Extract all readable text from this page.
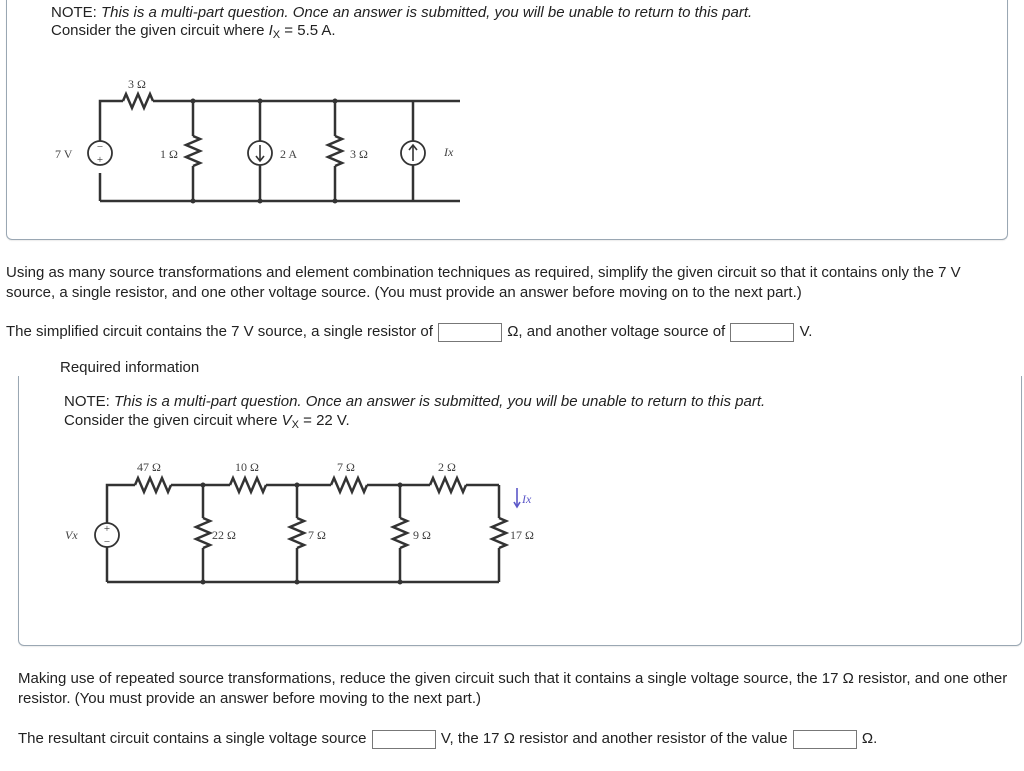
NOTE: This is a multi-part question. Once an answer is submitted, you will be unable to return to this part.
Consider the given circuit where $I_X = 5.5$ A.
−
+
3 Ω
7 V	1 Ω	2 A	3 Ω	Ix
Using as many source transformations and element combination techniques as required, simplify the given circuit so that it contains only the 7 V source, a single resistor, and one other voltage source. (You must provide an answer before moving on to the next part.)
The simplified circuit contains the 7 V source, a single resistor of	Ω, and another voltage source of	V.
Required information
NOTE: This is a multi-part question. Once an answer is submitted, you will be unable to return to this part.
Consider the given circuit where $V_X = 22$ V.
+
−
47 Ω	10 Ω	7 Ω	2 Ω
Vx	22 Ω	7 Ω	9 Ω	17 Ω
Ix
Making use of repeated source transformations, reduce the given circuit such that it contains a single voltage source, the 17 Ω resistor, and one other resistor. (You must provide an answer before moving to the next part.)
The resultant circuit contains a single voltage source	V, the 17 Ω resistor and another resistor of the value	Ω.
